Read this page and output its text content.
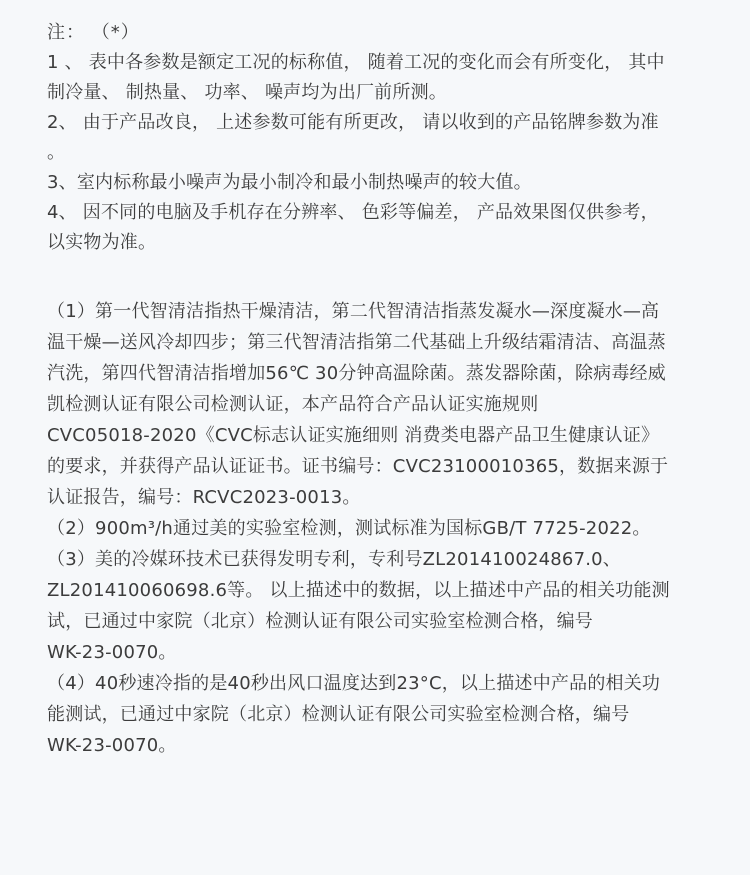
注： （*）

1 、 表中各参数是额定工况的标称值， 随着工况的变化而会有所变化， 其中

制冷量、 制热量、 功率、 噪声均为出厂前所测。

2、 由于产品改良， 上述参数可能有所更改， 请以收到的产品铭牌参数为准

。

3、室内标称最小噪声为最小制冷和最小制热噪声的较大值。

4、 因不同的电脑及手机存在分辨率、 色彩等偏差， 产品效果图仅供参考，

以实物为准。

（1）第一代智清洁指热干燥清洁，第二代智清洁指蒸发凝水—深度凝水—高

温干燥—送风冷却四步；第三代智清洁指第二代基础上升级结霜清洁、高温蒸

汽洗，第四代智清洁指增加56℃ 30分钟高温除菌。蒸发器除菌，除病毒经威

凯检测认证有限公司检测认证，本产品符合产品认证实施规则

CVC05018-2020《CVC标志认证实施细则 消费类电器产品卫生健康认证》

的要求，并获得产品认证证书。证书编号：CVC23100010365，数据来源于

认证报告，编号：RCVC2023-0013。

（2）900m³/h通过美的实验室检测，测试标准为国标GB/T 7725-2022。

（3）美的冷媒环技术已获得发明专利，专利号ZL201410024867.0、

ZL201410060698.6等。 以上描述中的数据，以上描述中产品的相关功能测

试，已通过中家院（北京）检测认证有限公司实验室检测合格，编号

WK-23-0070。

（4）40秒速冷指的是40秒出风口温度达到23°C，以上描述中产品的相关功

能测试，已通过中家院（北京）检测认证有限公司实验室检测合格，编号

WK-23-0070。
